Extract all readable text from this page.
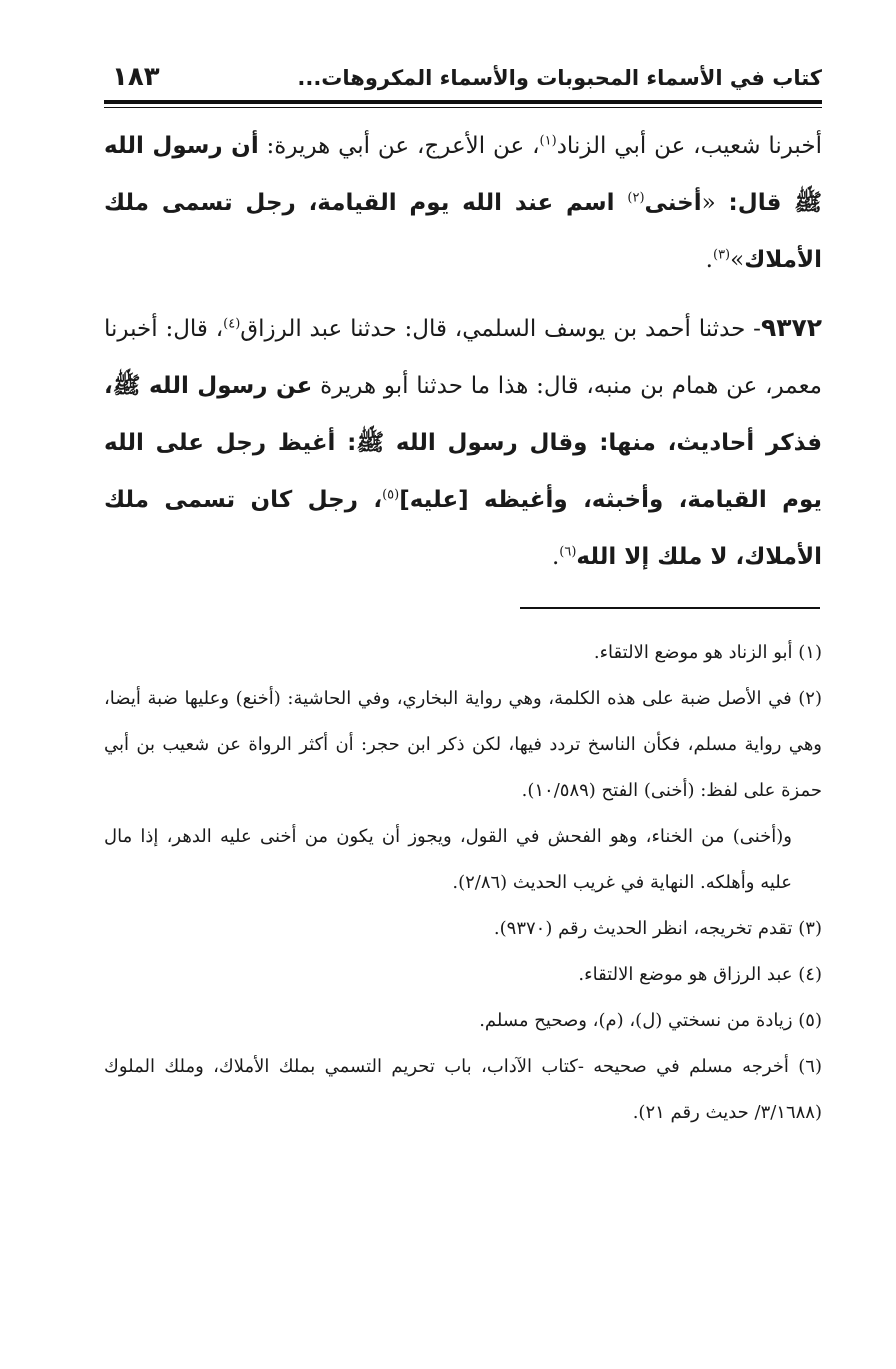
كتاب في الأسماء المحبوبات والأسماء المكروهات...
١٨٣

أخبرنا شعيب، عن أبي الزناد$^{(١)}$، عن الأعرج، عن أبي هريرة: أن رسول الله ﷺ قال: «أخنى$^{(٢)}$ اسم عند الله يوم القيامة، رجل تسمى ملك الأملاك»$^{(٣)}$.

٩٣٧٢- حدثنا أحمد بن يوسف السلمي، قال: حدثنا عبد الرزاق$^{(٤)}$، قال: أخبرنا معمر، عن همام بن منبه، قال: هذا ما حدثنا أبو هريرة عن رسول الله ﷺ، فذكر أحاديث، منها: وقال رسول الله ﷺ: أغيظ رجل على الله يوم القيامة، وأخبثه، وأغيظه [عليه]$^{(٥)}$، رجل كان تسمى ملك الأملاك، لا ملك إلا الله$^{(٦)}$.

(١) أبو الزناد هو موضع الالتقاء.

(٢) في الأصل ضبة على هذه الكلمة، وهي رواية البخاري، وفي الحاشية: (أخنع) وعليها ضبة أيضا، وهي رواية مسلم، فكأن الناسخ تردد فيها، لكن ذكر ابن حجر: أن أكثر الرواة عن شعيب بن أبي حمزة على لفظ: (أخنى) الفتح (١٠/٥٨٩).

و(أخنى) من الخناء، وهو الفحش في القول، ويجوز أن يكون من أخنى عليه الدهر، إذا مال عليه وأهلكه. النهاية في غريب الحديث (٢/٨٦).

(٣) تقدم تخريجه، انظر الحديث رقم (٩٣٧٠).

(٤) عبد الرزاق هو موضع الالتقاء.

(٥) زيادة من نسختي (ل)، (م)، وصحيح مسلم.

(٦) أخرجه مسلم في صحيحه -كتاب الآداب، باب تحريم التسمي بملك الأملاك، وملك الملوك (٣/١٦٨٨/ حديث رقم ٢١).
